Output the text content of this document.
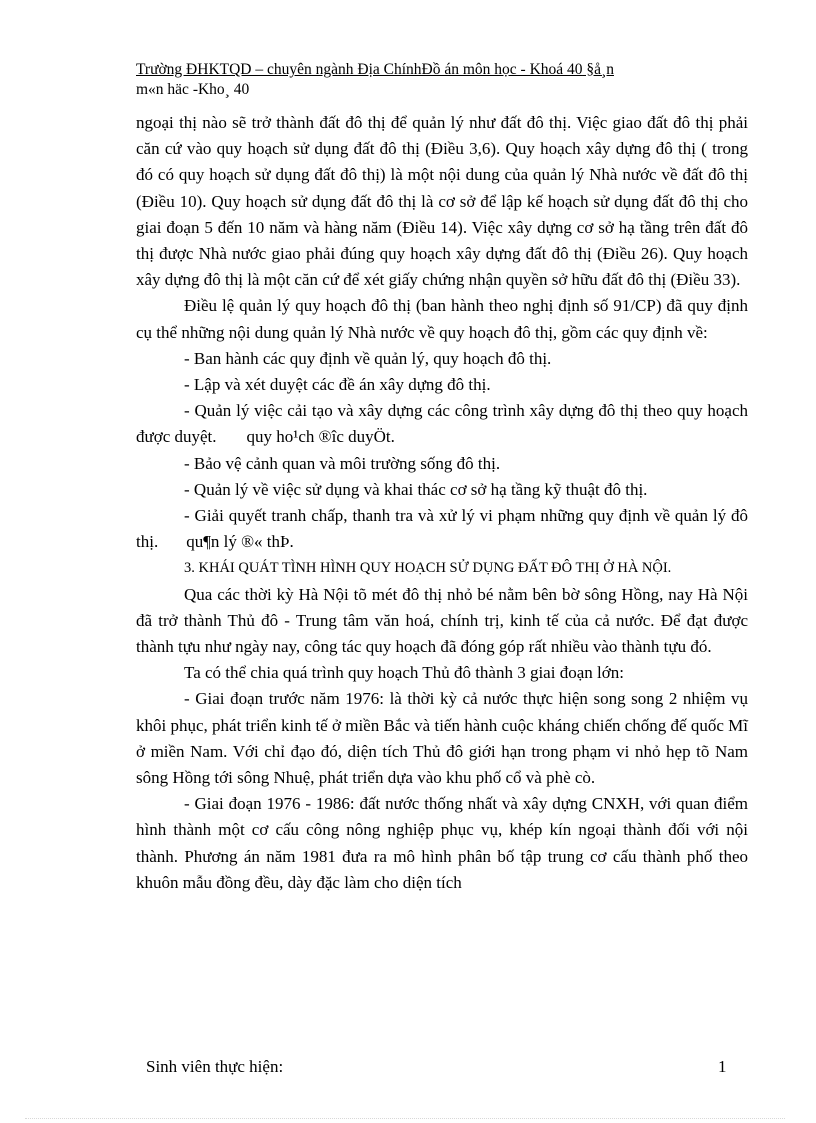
Trường ĐHKTQD – chuyên ngành Địa ChínhĐồ án môn học - Khoá 40 §å¸n
m«n häc -Kho¸ 40

ngoại thị nào sẽ trở thành đất đô thị để quản lý như đất đô thị. Việc giao đất đô thị phải căn cứ vào quy hoạch sử dụng đất đô thị (Điều 3,6). Quy hoạch xây dựng đô thị ( trong đó có quy hoạch sử dụng đất đô thị) là một nội dung của quản lý Nhà nước về đất đô thị (Điều 10). Quy hoạch sử dụng đất đô thị là cơ sở để lập kế hoạch sử dụng đất đô thị cho giai đoạn 5 đến 10 năm và hàng năm (Điều 14). Việc xây dựng cơ sở hạ tầng trên đất đô thị được Nhà nước giao phải đúng quy hoạch xây dựng đất đô thị (Điều 26). Quy hoạch xây dựng đô thị là một căn cứ để xét giấy chứng nhận quyền sở hữu đất đô thị (Điều 33).

Điều lệ quản lý quy hoạch đô thị (ban hành theo nghị định số 91/CP) đã quy định cụ thể những nội dung quản lý Nhà nước về quy hoạch đô thị, gồm các quy định về:

- Ban hành các quy định về quản lý, quy hoạch đô thị.

- Lập và xét duyệt các đề án xây dựng đô thị.

- Quản lý việc cải tạo và xây dựng các công trình xây dựng đô thị theo quy hoạch được duyệt. quy ho¹ch ®îc duyÖt.

- Bảo vệ cảnh quan và môi trường sống đô thị.

- Quản lý về việc sử dụng và khai thác cơ sở hạ tầng kỹ thuật đô thị.

- Giải quyết tranh chấp, thanh tra và xử lý vi phạm những quy định về quản lý đô thị. qu¶n lý ®« thÞ.

3. KHÁI QUÁT TÌNH HÌNH QUY HOẠCH SỬ DỤNG ĐẤT ĐÔ THỊ Ở HÀ NỘI.

Qua các thời kỳ Hà Nội tõ mét đô thị nhỏ bé nằm bên bờ sông Hồng, nay Hà Nội đã trở thành Thủ đô - Trung tâm văn hoá, chính trị, kinh tế của cả nước. Để đạt được thành tựu như ngày nay, công tác quy hoạch đã đóng góp rất nhiều vào thành tựu đó.

Ta có thể chia quá trình quy hoạch Thủ đô thành 3 giai đoạn lớn:

- Giai đoạn trước năm 1976: là thời kỳ cả nước thực hiện song song 2 nhiệm vụ khôi phục, phát triển kinh tế ở miền Bắc và tiến hành cuộc kháng chiến chống đế quốc Mĩ ở miền Nam. Với chỉ đạo đó, diện tích Thủ đô giới hạn trong phạm vi nhỏ hẹp tõ Nam sông Hồng tới sông Nhuệ, phát triển dựa vào khu phố cổ và phè cò.

- Giai đoạn 1976 - 1986: đất nước thống nhất và xây dựng CNXH, với quan điểm hình thành một cơ cấu công nông nghiệp phục vụ, khép kín ngoại thành đối với nội thành. Phương án năm 1981 đưa ra mô hình phân bố tập trung cơ cấu thành phố theo khuôn mẫu đồng đều, dày đặc làm cho diện tích

Sinh viên thực hiện:	1
